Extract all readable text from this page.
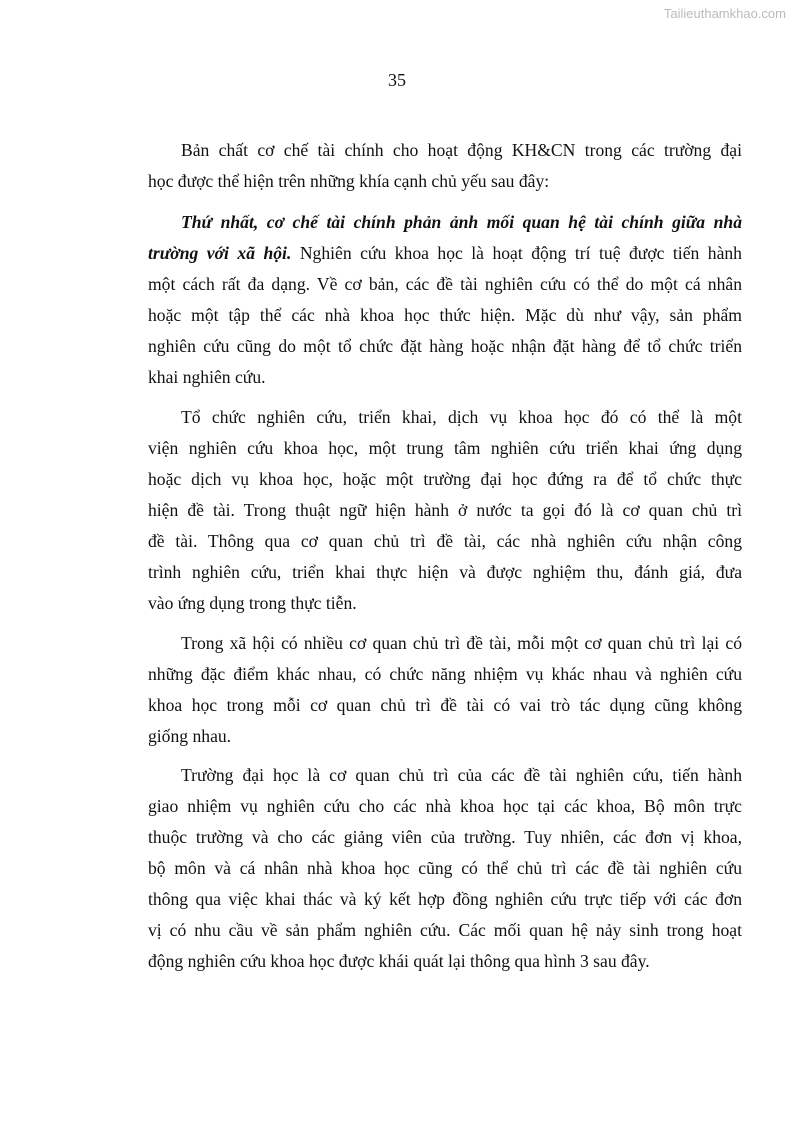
Tailieuthamkhao.com
35
Bản chất cơ chế tài chính cho hoạt động KH&CN trong các trường đại
học được thể hiện trên những khía cạnh chủ yếu sau đây:
Thứ nhất, cơ chế tài chính phản ảnh mối quan hệ tài chính giữa nhà
trường với xã hội. Nghiên cứu khoa học là hoạt động trí tuệ được tiến hành
một cách rất đa dạng. Về cơ bản, các đề tài nghiên cứu có thể do một cá nhân
hoặc một tập thể các nhà khoa học thức hiện. Mặc dù như vậy, sản phẩm
nghiên cứu cũng do một tổ chức đặt hàng hoặc nhận đặt hàng để tổ chức triển
khai nghiên cứu.
Tổ chức nghiên cứu, triển khai, dịch vụ khoa học đó có thể là một
viện nghiên cứu khoa học, một trung tâm nghiên cứu triển khai ứng dụng
hoặc dịch vụ khoa học, hoặc một trường đại học đứng ra để tổ chức thực
hiện đề tài. Trong thuật ngữ hiện hành ở nước ta gọi đó là cơ quan chủ trì
đề tài. Thông qua cơ quan chủ trì đề tài, các nhà nghiên cứu nhận công
trình nghiên cứu, triển khai thực hiện và được nghiệm thu, đánh giá, đưa
vào ứng dụng trong thực tiễn.
Trong xã hội có nhiều cơ quan chủ trì đề tài, mỗi một cơ quan chủ trì lại có
những đặc điểm khác nhau, có chức năng nhiệm vụ khác nhau và nghiên cứu
khoa học trong mỗi cơ quan chủ trì đề tài có vai trò tác dụng cũng không
giống nhau.
Trường đại học là cơ quan chủ trì của các đề tài nghiên cứu, tiến hành
giao nhiệm vụ nghiên cứu cho các nhà khoa học tại các khoa, Bộ môn trực
thuộc trường và cho các giảng viên của trường. Tuy nhiên, các đơn vị khoa,
bộ môn và cá nhân nhà khoa học cũng có thể chủ trì các đề tài nghiên cứu
thông qua việc khai thác và ký kết hợp đồng nghiên cứu trực tiếp với các đơn
vị có nhu cầu về sản phẩm nghiên cứu. Các mối quan hệ nảy sinh trong hoạt
động nghiên cứu khoa học được khái quát lại thông qua hình 3 sau đây.
